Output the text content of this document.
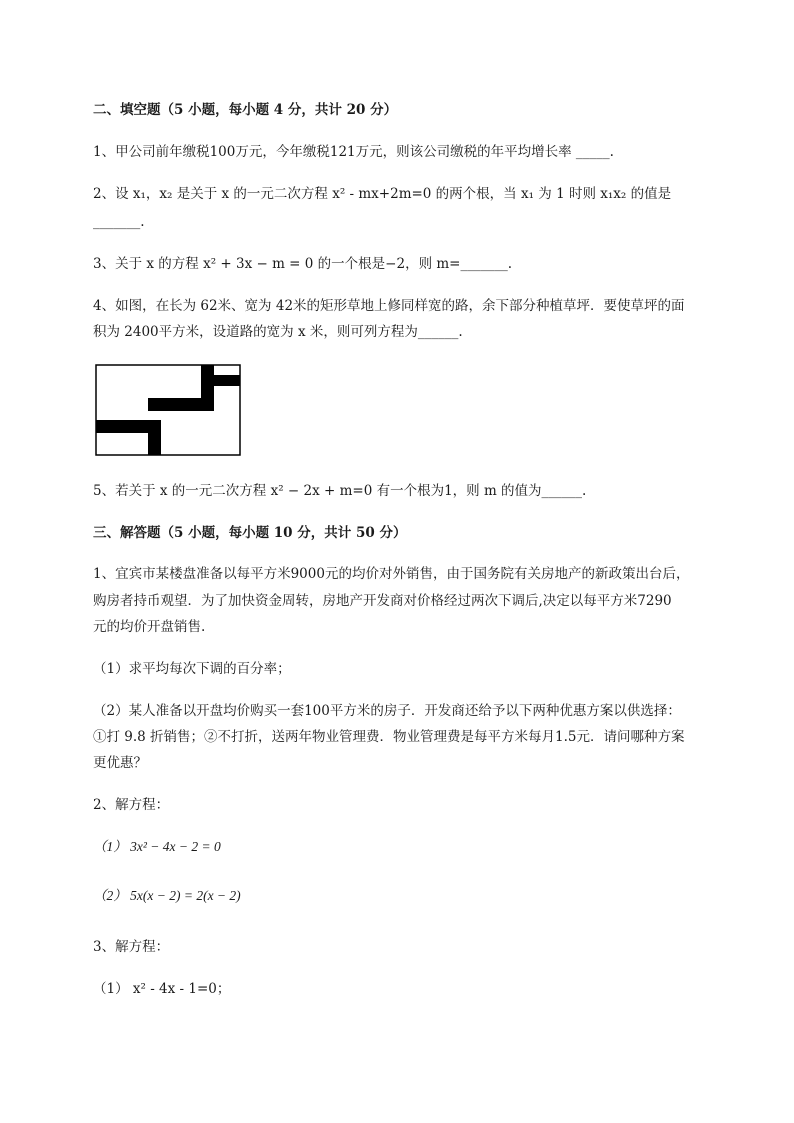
二、填空题（5 小题，每小题 4 分，共计 20 分）
1、甲公司前年缴税100万元，今年缴税121万元，则该公司缴税的年平均增长率 _____.
2、设 x₁，x₂ 是关于 x 的一元二次方程 x² - mx+2m=0 的两个根，当 x₁ 为 1 时则 x₁x₂ 的值是
_______.
3、关于 x 的方程 x² + 3x − m = 0 的一个根是−2，则 m=_______.
4、如图，在长为 62米、宽为 42米的矩形草地上修同样宽的路，余下部分种植草坪．要使草坪的面
积为 2400平方米，设道路的宽为 x 米，则可列方程为______.
5、若关于 x 的一元二次方程 x² − 2x + m=0 有一个根为1，则 m 的值为______.
三、解答题（5 小题，每小题 10 分，共计 50 分）
1、宜宾市某楼盘准备以每平方米9000元的均价对外销售，由于国务院有关房地产的新政策出台后，
购房者持币观望．为了加快资金周转，房地产开发商对价格经过两次下调后,决定以每平方米7290
元的均价开盘销售.
（1）求平均每次下调的百分率；
（2）某人准备以开盘均价购买一套100平方米的房子．开发商还给予以下两种优惠方案以供选择：
①打 9.8 折销售；②不打折，送两年物业管理费．物业管理费是每平方米每月1.5元．请问哪种方案
更优惠？
2、解方程：
（1） 3x² − 4x − 2 = 0
（2） 5x(x − 2) = 2(x − 2)
3、解方程：
（1） x² - 4x - 1=0；
